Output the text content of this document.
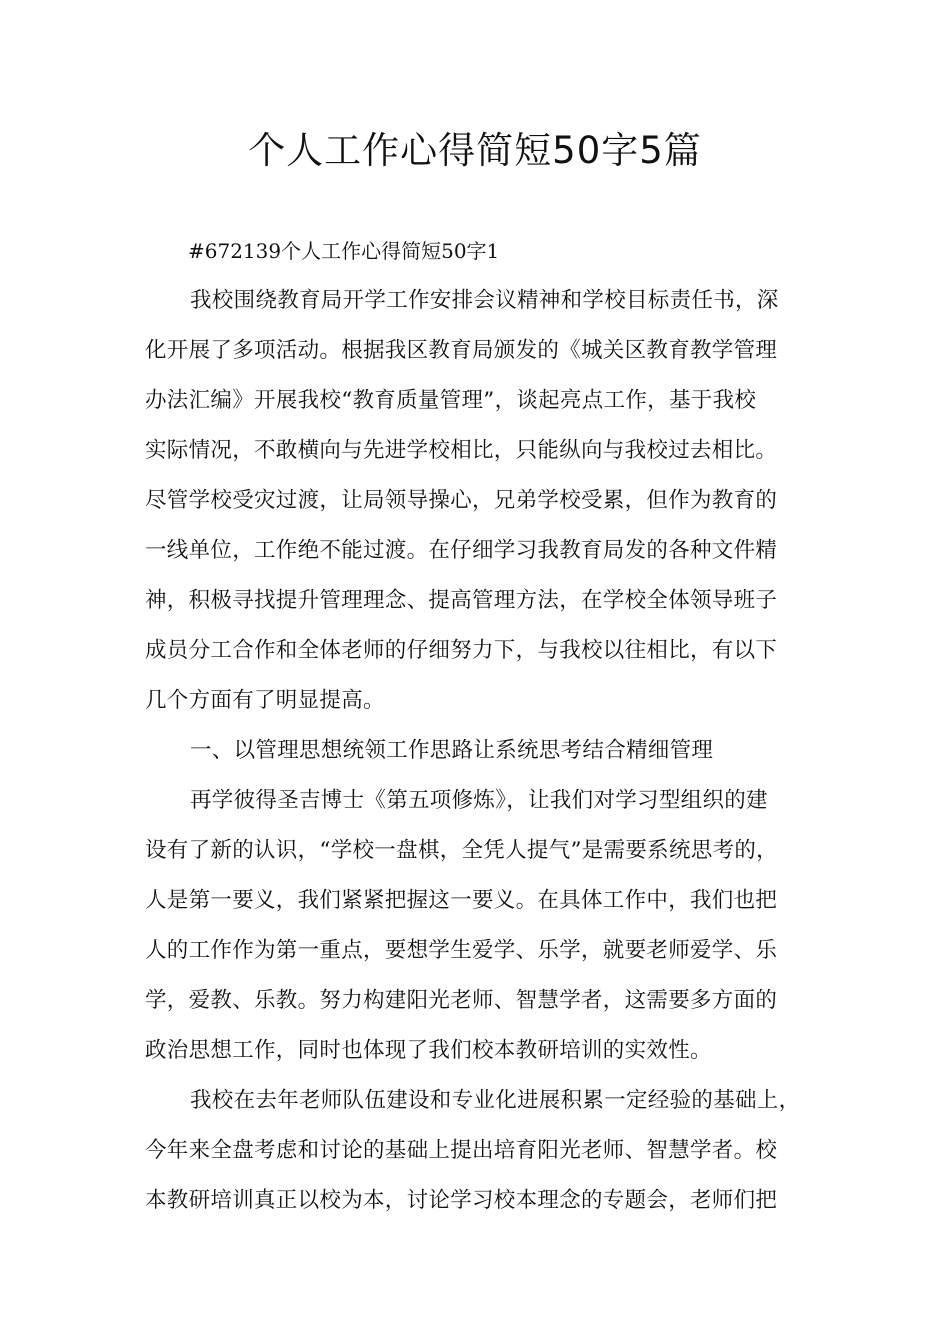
个人工作心得简短50字5篇

#672139个人工作心得简短50字1

我校围绕教育局开学工作安排会议精神和学校目标责任书，深

化开展了多项活动。根据我区教育局颁发的《城关区教育教学管理

办法汇编》开展我校“教育质量管理”，谈起亮点工作，基于我校

实际情况，不敢横向与先进学校相比，只能纵向与我校过去相比。

尽管学校受灾过渡，让局领导操心，兄弟学校受累，但作为教育的

一线单位，工作绝不能过渡。在仔细学习我教育局发的各种文件精

神，积极寻找提升管理理念、提高管理方法，在学校全体领导班子

成员分工合作和全体老师的仔细努力下，与我校以往相比，有以下

几个方面有了明显提高。

一、以管理思想统领工作思路让系统思考结合精细管理

再学彼得圣吉博士《第五项修炼》，让我们对学习型组织的建

设有了新的认识，“学校一盘棋，全凭人提气”是需要系统思考的，

人是第一要义，我们紧紧把握这一要义。在具体工作中，我们也把

人的工作作为第一重点，要想学生爱学、乐学，就要老师爱学、乐

学，爱教、乐教。努力构建阳光老师、智慧学者，这需要多方面的

政治思想工作，同时也体现了我们校本教研培训的实效性。

我校在去年老师队伍建设和专业化进展积累一定经验的基础上，

今年来全盘考虑和讨论的基础上提出培育阳光老师、智慧学者。校

本教研培训真正以校为本，讨论学习校本理念的专题会，老师们把
